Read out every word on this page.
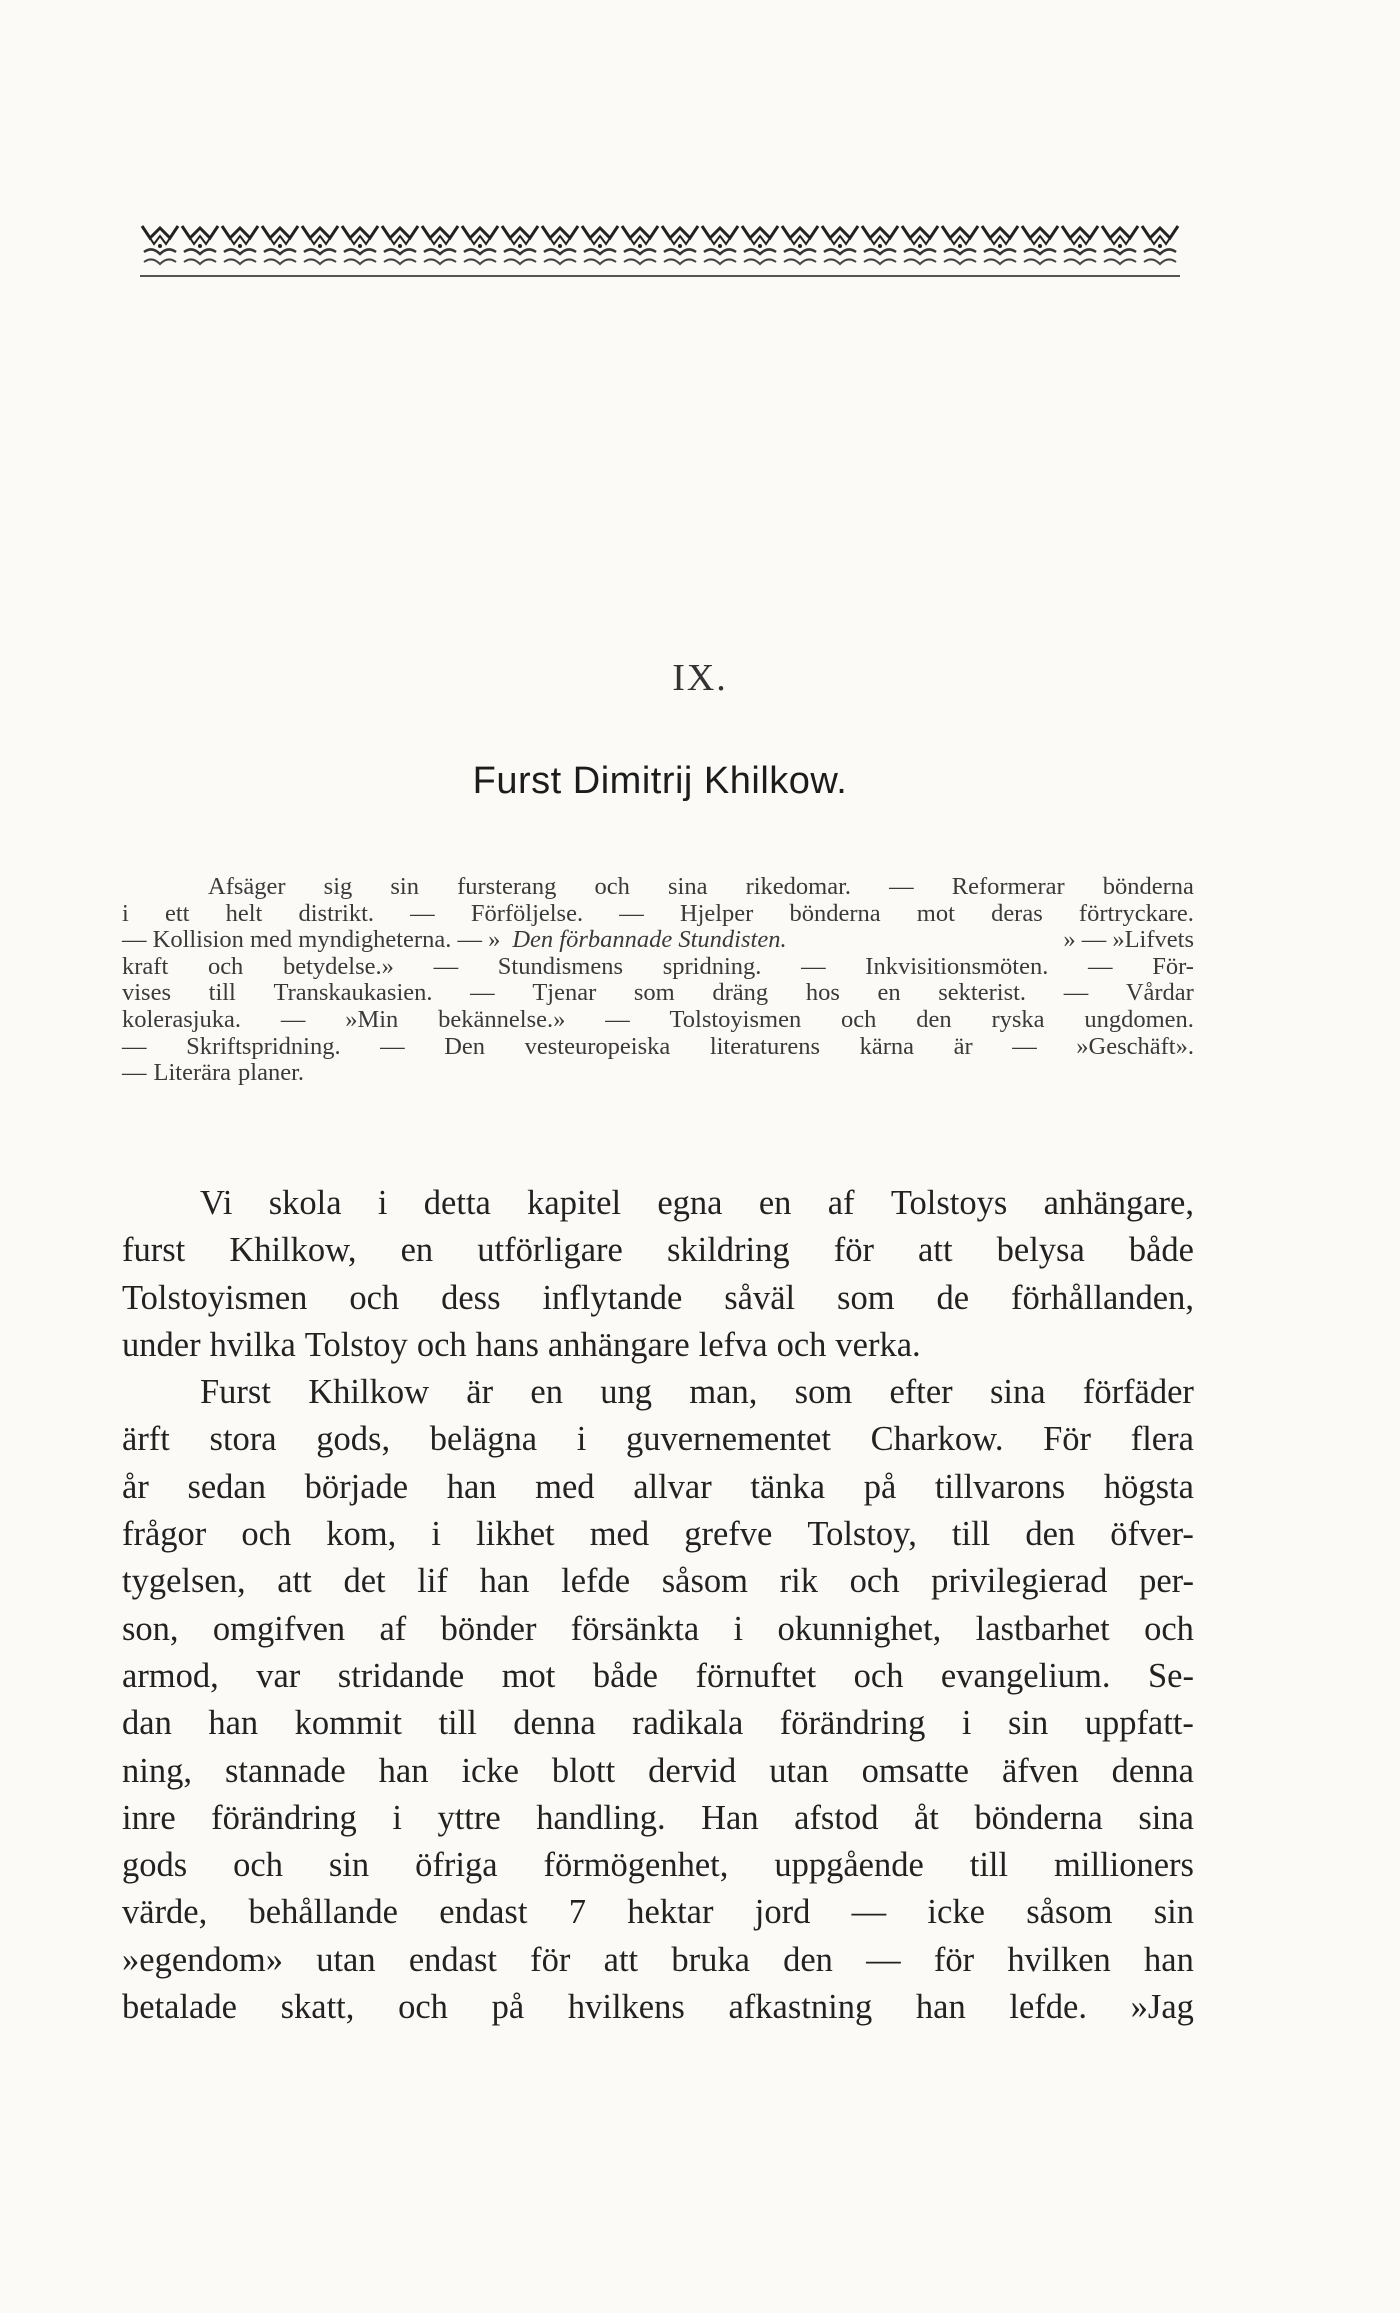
IX.
Furst Dimitrij Khilkow.
Afsäger sig sin fursterang och sina rikedomar. — Reformerar bönderna
i ett helt distrikt. — Förföljelse. — Hjelper bönderna mot deras förtryckare.
— Kollision med myndigheterna. — » Den förbannade Stundisten.	» — »Lifvets
kraft och betydelse.» — Stundismens spridning. — Inkvisitionsmöten. — För-
vises till Transkaukasien. — Tjenar som dräng hos en sekterist. — Vårdar
kolerasjuka. — »Min bekännelse.» — Tolstoyismen och den ryska ungdomen.
— Skriftspridning. — Den vesteuropeiska literaturens kärna är — »Geschäft».
— Literära planer.
Vi skola i detta kapitel egna en af Tolstoys anhängare,
furst Khilkow, en utförligare skildring för att belysa både
Tolstoyismen och dess inflytande såväl som de förhållanden,
under hvilka Tolstoy och hans anhängare lefva och verka.
Furst Khilkow är en ung man, som efter sina förfäder
ärft stora gods, belägna i guvernementet Charkow. För flera
år sedan började han med allvar tänka på tillvarons högsta
frågor och kom, i likhet med grefve Tolstoy, till den öfver-
tygelsen, att det lif han lefde såsom rik och privilegierad per-
son, omgifven af bönder försänkta i okunnighet, lastbarhet och
armod, var stridande mot både förnuftet och evangelium. Se-
dan han kommit till denna radikala förändring i sin uppfatt-
ning, stannade han icke blott dervid utan omsatte äfven denna
inre förändring i yttre handling. Han afstod åt bönderna sina
gods och sin öfriga förmögenhet, uppgående till millioners
värde, behållande endast 7 hektar jord — icke såsom sin
»egendom» utan endast för att bruka den — för hvilken han
betalade skatt, och på hvilkens afkastning han lefde. »Jag
